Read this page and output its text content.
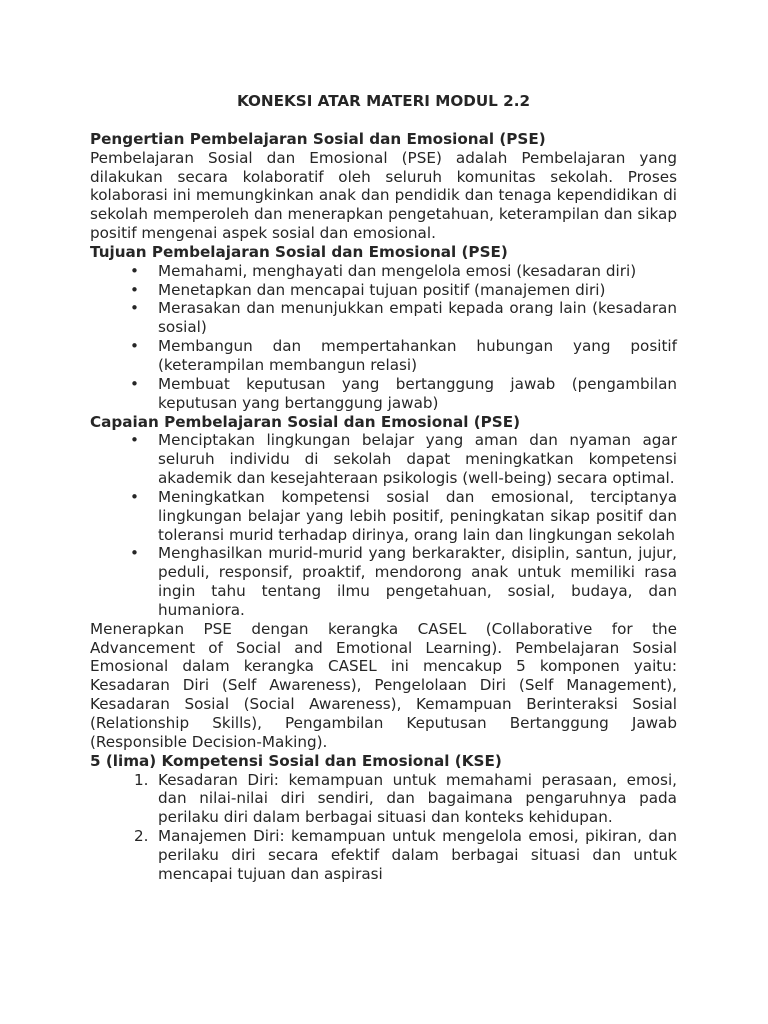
KONEKSI ATAR MATERI MODUL 2.2

Pengertian Pembelajaran Sosial dan Emosional (PSE)

Pembelajaran Sosial dan Emosional (PSE) adalah Pembelajaran yang dilakukan secara kolaboratif oleh seluruh komunitas sekolah. Proses kolaborasi ini memungkinkan anak dan pendidik dan tenaga kependidikan di sekolah memperoleh dan menerapkan pengetahuan, keterampilan dan sikap positif mengenai aspek sosial dan emosional.

Tujuan Pembelajaran Sosial dan Emosional (PSE)

• Memahami, menghayati dan mengelola emosi (kesadaran diri)
• Menetapkan dan mencapai tujuan positif (manajemen diri)
• Merasakan dan menunjukkan empati kepada orang lain (kesadaran sosial)
• Membangun dan mempertahankan hubungan yang positif (keterampilan membangun relasi)
• Membuat keputusan yang bertanggung jawab (pengambilan keputusan yang bertanggung jawab)

Capaian Pembelajaran Sosial dan Emosional (PSE)

• Menciptakan lingkungan belajar yang aman dan nyaman agar seluruh individu di sekolah dapat meningkatkan kompetensi akademik dan kesejahteraan psikologis (well-being) secara optimal.
• Meningkatkan kompetensi sosial dan emosional, terciptanya lingkungan belajar yang lebih positif, peningkatan sikap positif dan toleransi murid terhadap dirinya, orang lain dan lingkungan sekolah
• Menghasilkan murid-murid yang berkarakter, disiplin, santun, jujur, peduli, responsif, proaktif, mendorong anak untuk memiliki rasa ingin tahu tentang ilmu pengetahuan, sosial, budaya, dan humaniora.

Menerapkan PSE dengan kerangka CASEL (Collaborative for the Advancement of Social and Emotional Learning). Pembelajaran Sosial Emosional dalam kerangka CASEL ini mencakup 5 komponen yaitu: Kesadaran Diri (Self Awareness), Pengelolaan Diri (Self Management), Kesadaran Sosial (Social Awareness), Kemampuan Berinteraksi Sosial (Relationship Skills), Pengambilan Keputusan Bertanggung Jawab (Responsible Decision-Making).

5 (lima) Kompetensi Sosial dan Emosional (KSE)

1. Kesadaran Diri: kemampuan untuk memahami perasaan, emosi, dan nilai-nilai diri sendiri, dan bagaimana pengaruhnya pada perilaku diri dalam berbagai situasi dan konteks kehidupan.
2. Manajemen Diri: kemampuan untuk mengelola emosi, pikiran, dan perilaku diri secara efektif dalam berbagai situasi dan untuk mencapai tujuan dan aspirasi
